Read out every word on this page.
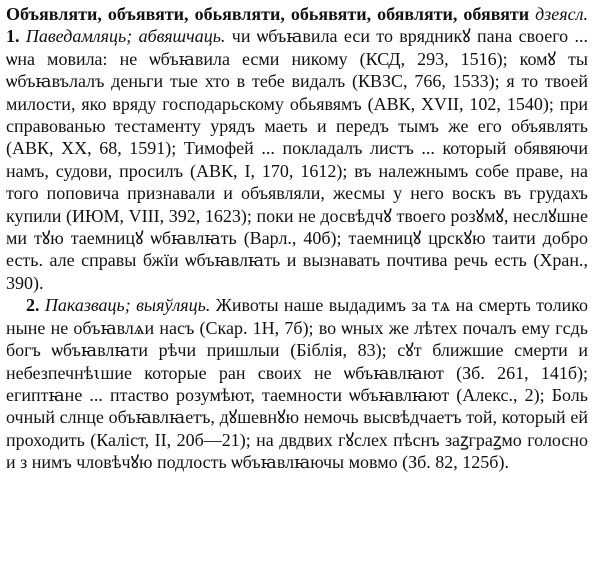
Объявляти, объявяти, обьявляти, обьявяти, обявляти, обявяти дзеясл. 1. Паведамляць; абвяшчаць. чи ѡбъꙗвила еси то врядникꙋ пана своего ... ѡна мовила: не ѡбъꙗвила есми никому (КСД, 293, 1516); комꙋ ты ѡбъꙗвълалъ деньги тые хто в тебе видалъ (КВЗС, 766, 1533); я то твоей милости, яко вряду господарьскому обьявямъ (АВК, XVII, 102, 1540); при справованью тестаменту урядъ маеть и передъ тымъ же его объявлять (АВК, XX, 68, 1591); Тимофей ... покладалъ листъ ... который обявяючи намъ, судови, просилъ (АВК, I, 170, 1612); въ належнымъ собе праве, на того поповича признавали и объявляли, жесмы у него воскъ въ грудахъ купили (ИЮМ, VIII, 392, 1623); поки не досвѣдчꙋ твоего розꙋмꙋ, неслꙋшне ми тꙋю таемницꙋ ѡбꙗвлꙗть (Варл., 40б); таемницꙋ црскꙋю таити добро есть. але справы бжїи ѡбъꙗвлꙗть и вызнавать почтива речь есть (Хран., 390).

2. Паказваць; выяўляць. Животы наше выдадимъ за тѧ на смерть толико ныне не объꙗвлѧи насъ (Скар. 1Н, 7б); во ѡных же лѣтех почалъ ему гсдь богъ ѡбъꙗвлꙗти рѣчи пришлыи (Біблія, 83); сꙋт ближшие смерти и небезпечнѣꙇшие которые ран своих не ѡбъꙗвлꙗют (Зб. 261, 141б); египтꙗне ... птаство розумѣют, таемности ѡбъꙗвлꙗют (Алекс., 2); Боль очный слнце объꙗвлꙗетъ, дꙋшевнꙋю немочь высвѣдчаетъ той, который ей проходить (Каліст, II, 20б—21); на двдвих гꙋслех пѣснъ заꙁграꙁмо голосно и з нимъ чловѣчꙋю подлость ѡбъꙗвлꙗючы мовмо (Зб. 82, 125б).
